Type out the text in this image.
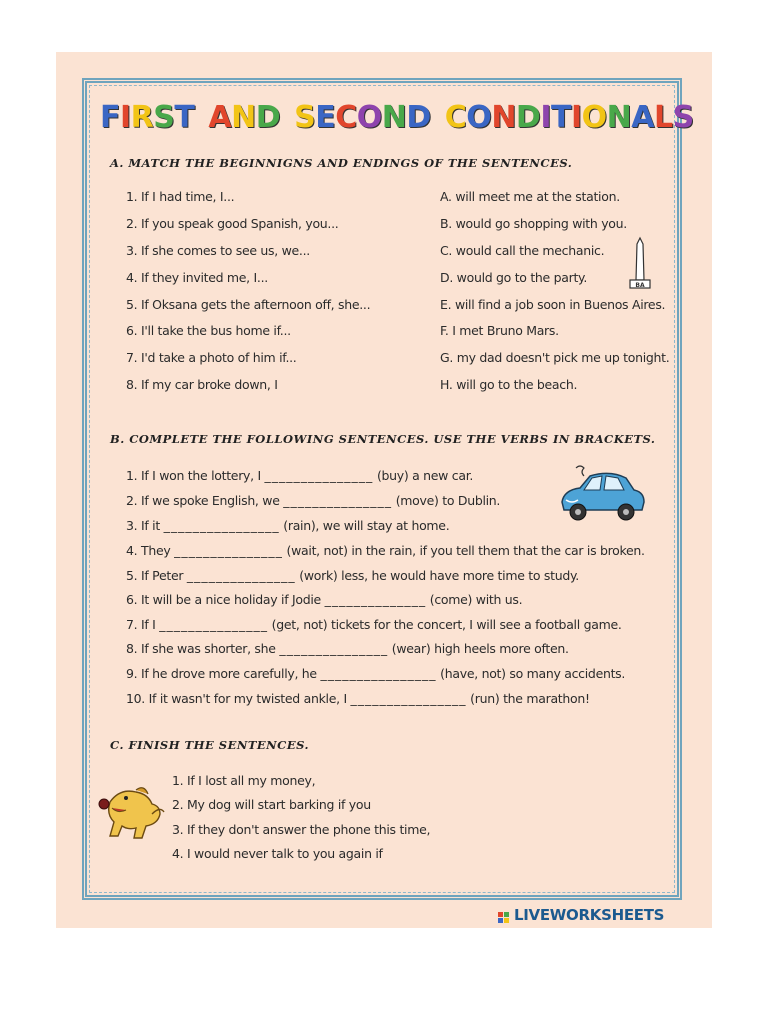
FIRST AND SECOND CONDITIONALS
A. MATCH THE BEGINNIGNS AND ENDINGS OF THE SENTENCES.
1. If I had time, I...
2. If you speak good Spanish, you...
3. If she comes to see us, we...
4. If they invited me, I...
5. If Oksana gets the afternoon off, she...
6. I'll take the bus home if...
7. I'd take a photo of him if...
8. If my car broke down, I
A. will meet me at the station.
B. would go shopping with you.
C. would call the mechanic.
D. would go to the party.
E. will find a job soon in Buenos Aires.
F. I met Bruno Mars.
G. my dad doesn't pick me up tonight.
H. will go to the beach.
BA
B. COMPLETE THE FOLLOWING SENTENCES. USE THE VERBS IN BRACKETS.
1. If I won the lottery, I _______________ (buy) a new car.
2. If we spoke English, we _______________ (move) to Dublin.
3. If it ________________ (rain), we will stay at home.
4. They _______________ (wait, not) in the rain, if you tell them that the car is broken.
5. If Peter _______________ (work) less, he would have more time to study.
6. It will be a nice holiday if Jodie ______________ (come) with us.
7. If I _______________ (get, not) tickets for the concert, I will see a football game.
8. If she was shorter, she _______________ (wear) high heels more often.
9. If he drove more carefully, he ________________ (have, not) so many accidents.
10. If it wasn't for my twisted ankle, I ________________ (run) the marathon!
C. FINISH THE SENTENCES.
1. If I lost all my money,
2. My dog will start barking if you
3. If they don't answer the phone this time,
4. I would never talk to you again if
LIVEWORKSHEETS
